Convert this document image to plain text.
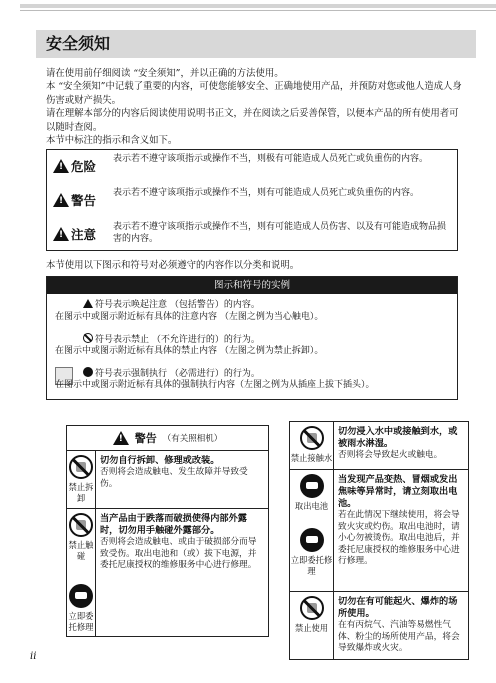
安全须知

请在使用前仔细阅读 “安全须知”，并以正确的方法使用。

本 “安全须知”中记载了重要的内容，可使您能够安全、正确地使用产品，并预防对您或他人造成人身伤害或财产损失。

请在理解本部分的内容后阅读使用说明书正文，并在阅读之后妥善保管，以便本产品的所有使用者可以随时查阅。

本节中标注的指示和含义如下。

!
危险 表示若不遵守该项指示或操作不当，则极有可能造成人员死亡或负重伤的内容。
!
警告 表示若不遵守该项指示或操作不当，则有可能造成人员死亡或负重伤的内容。
!
注意 表示若不遵守该项指示或操作不当，则有可能造成人员伤害、以及有可能造成物品损害的内容。
本节使用以下图示和符号对必须遵守的内容作以分类和说明。
图示和符号的实例
符号表示唤起注意 （包括警告）的内容。
在图示中或图示附近标有具体的注意内容 （左图之例为当心触电）。
符号表示禁止 （不允许进行的）的行为。
在图示中或图示附近标有具体的禁止内容 （左图之例为禁止拆卸）。
符号表示强制执行 （必需进行）的行为。
在图示中或图示附近标有具体的强制执行内容（左图之例为从插座上拔下插头）。
!
警告 （有关照相机）
禁止拆卸
切勿自行拆卸、修理或改装。
否则将会造成触电、发生故障并导致受伤。
禁止触碰
立即委托修理
当产品由于跌落而破损使得内部外露时，切勿用手触碰外露部分。
否则将会造成触电、或由于破损部分而导致受伤。取出电池和（或）拔下电源，并委托尼康授权的维修服务中心进行修理。
禁止接触水
切勿浸入水中或接触到水，或被雨水淋湿。
否则将会导致起火或触电。
取出电池
立即委托修理
当发现产品变热、冒烟或发出焦味等异常时，请立刻取出电池。
若在此情况下继续使用，将会导致火灾或灼伤。取出电池时，请小心勿被烫伤。取出电池后，并委托尼康授权的维修服务中心进行修理。
禁止使用
切勿在有可能起火、爆炸的场所使用。
在有丙烷气、汽油等易燃性气体、粉尘的场所使用产品，将会导致爆炸或火灾。
ii
